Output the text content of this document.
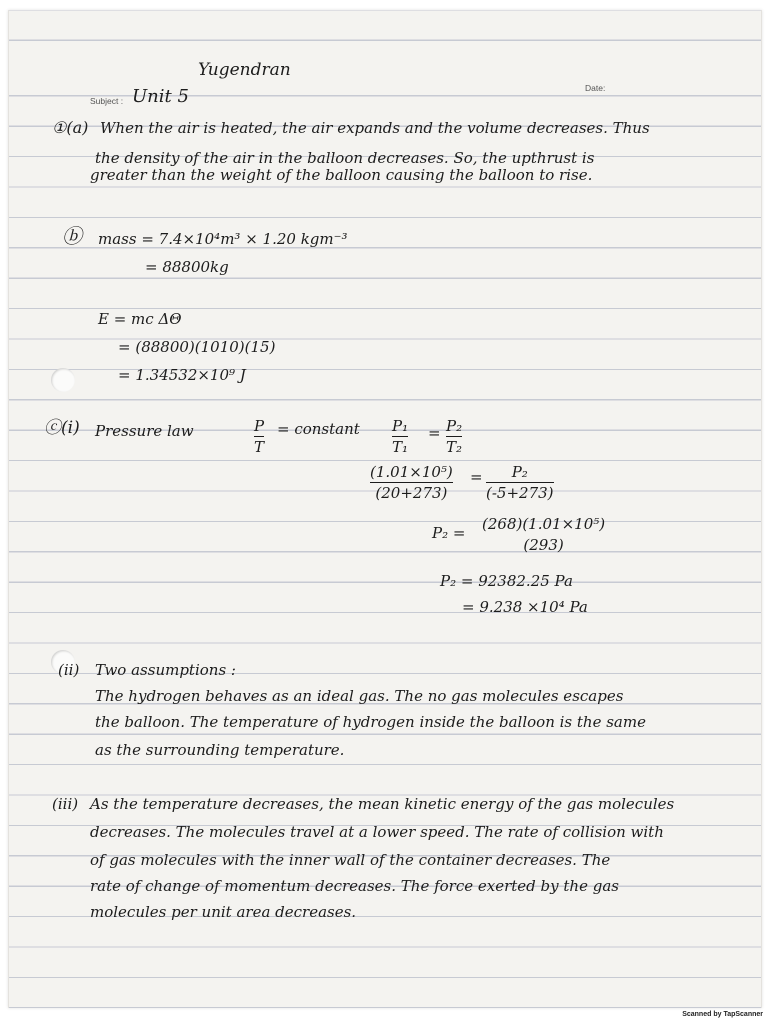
Yugendran
Subject : Unit 5	Date:
①(a) When the air is heated, the air expands and the volume decreases. Thus
the density of the air in the balloon decreases. So, the upthrust is
greater than the weight of the balloon causing the balloon to rise.
ⓑ mass = 7.4×10⁴m³ × 1.20 kgm⁻³
= 88800kg
E = mc ΔΘ
= (88800)(1010)(15)
= 1.34532×10⁹ J
ⓒ(i) Pressure law	P
T
= constant P₁
T₁
= P₂
T₂
(1.01×10⁵)
(20+273)
= P₂
(-5+273)
P₂ = (268)(1.01×10⁵)
(293)
P₂ = 92382.25 Pa
= 9.238 ×10⁴ Pa
(ii) Two assumptions :
The hydrogen behaves as an ideal gas. The no gas molecules escapes
the balloon. The temperature of hydrogen inside the balloon is the same
as the surrounding temperature.
(iii) As the temperature decreases, the mean kinetic energy of the gas molecules
decreases. The molecules travel at a lower speed. The rate of collision with
of gas molecules with the inner wall of the container decreases. The
rate of change of momentum decreases. The force exerted by the gas
molecules per unit area decreases.
Scanned by TapScanner
